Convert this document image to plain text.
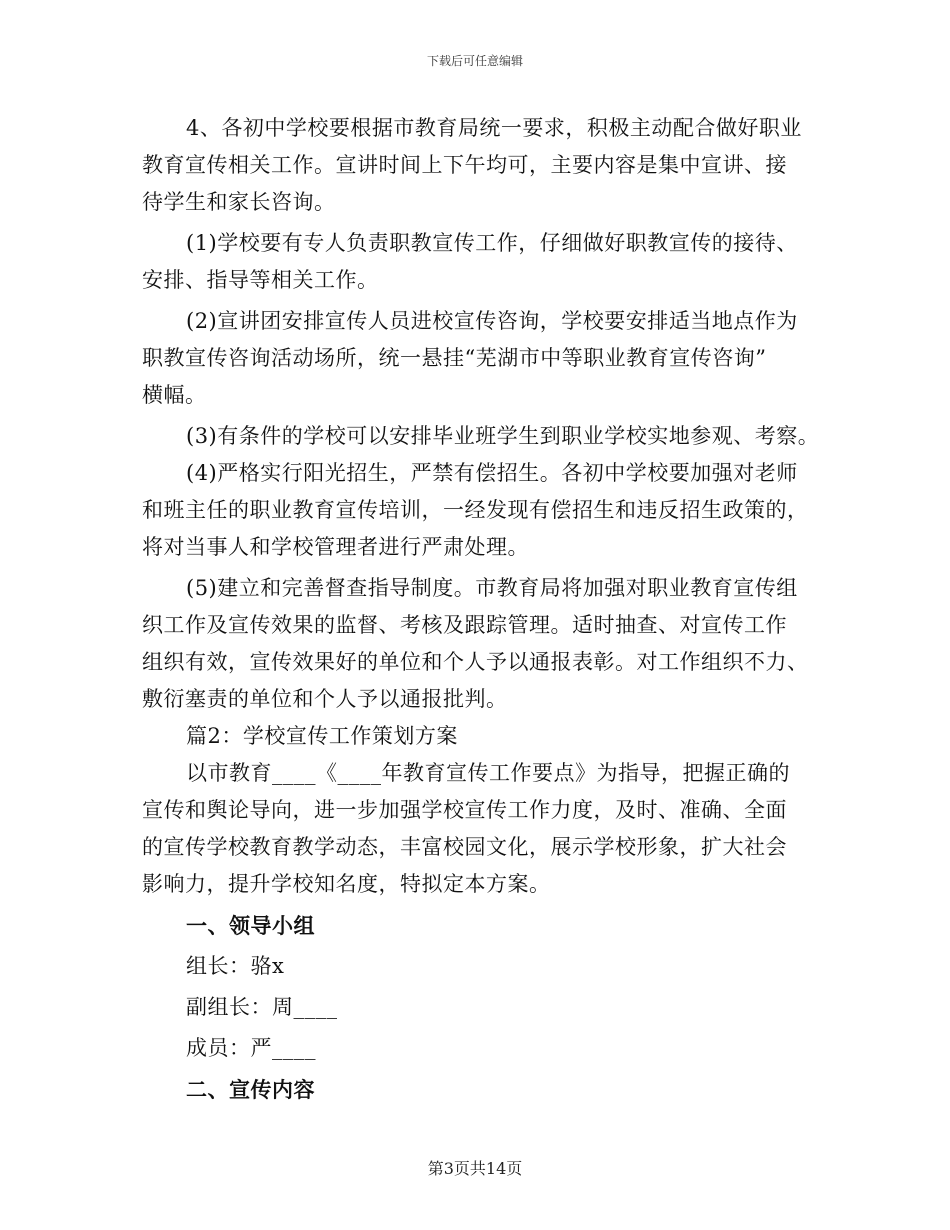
下载后可任意编辑
4、各初中学校要根据市教育局统一要求，积极主动配合做好职业
教育宣传相关工作。宣讲时间上下午均可，主要内容是集中宣讲、接
待学生和家长咨询。
(1)学校要有专人负责职教宣传工作，仔细做好职教宣传的接待、
安排、指导等相关工作。
(2)宣讲团安排宣传人员进校宣传咨询，学校要安排适当地点作为
职教宣传咨询活动场所，统一悬挂“芜湖市中等职业教育宣传咨询”
横幅。
(3)有条件的学校可以安排毕业班学生到职业学校实地参观、考察。
(4)严格实行阳光招生，严禁有偿招生。各初中学校要加强对老师
和班主任的职业教育宣传培训，一经发现有偿招生和违反招生政策的，
将对当事人和学校管理者进行严肃处理。
(5)建立和完善督查指导制度。市教育局将加强对职业教育宣传组
织工作及宣传效果的监督、考核及跟踪管理。适时抽查、对宣传工作
组织有效，宣传效果好的单位和个人予以通报表彰。对工作组织不力、
敷衍塞责的单位和个人予以通报批判。
篇2：学校宣传工作策划方案
以市教育____《____年教育宣传工作要点》为指导，把握正确的
宣传和舆论导向，进一步加强学校宣传工作力度，及时、准确、全面
的宣传学校教育教学动态，丰富校园文化，展示学校形象，扩大社会
影响力，提升学校知名度，特拟定本方案。
一、领导小组
组长：骆x
副组长：周____
成员：严____
二、宣传内容
第3页共14页
